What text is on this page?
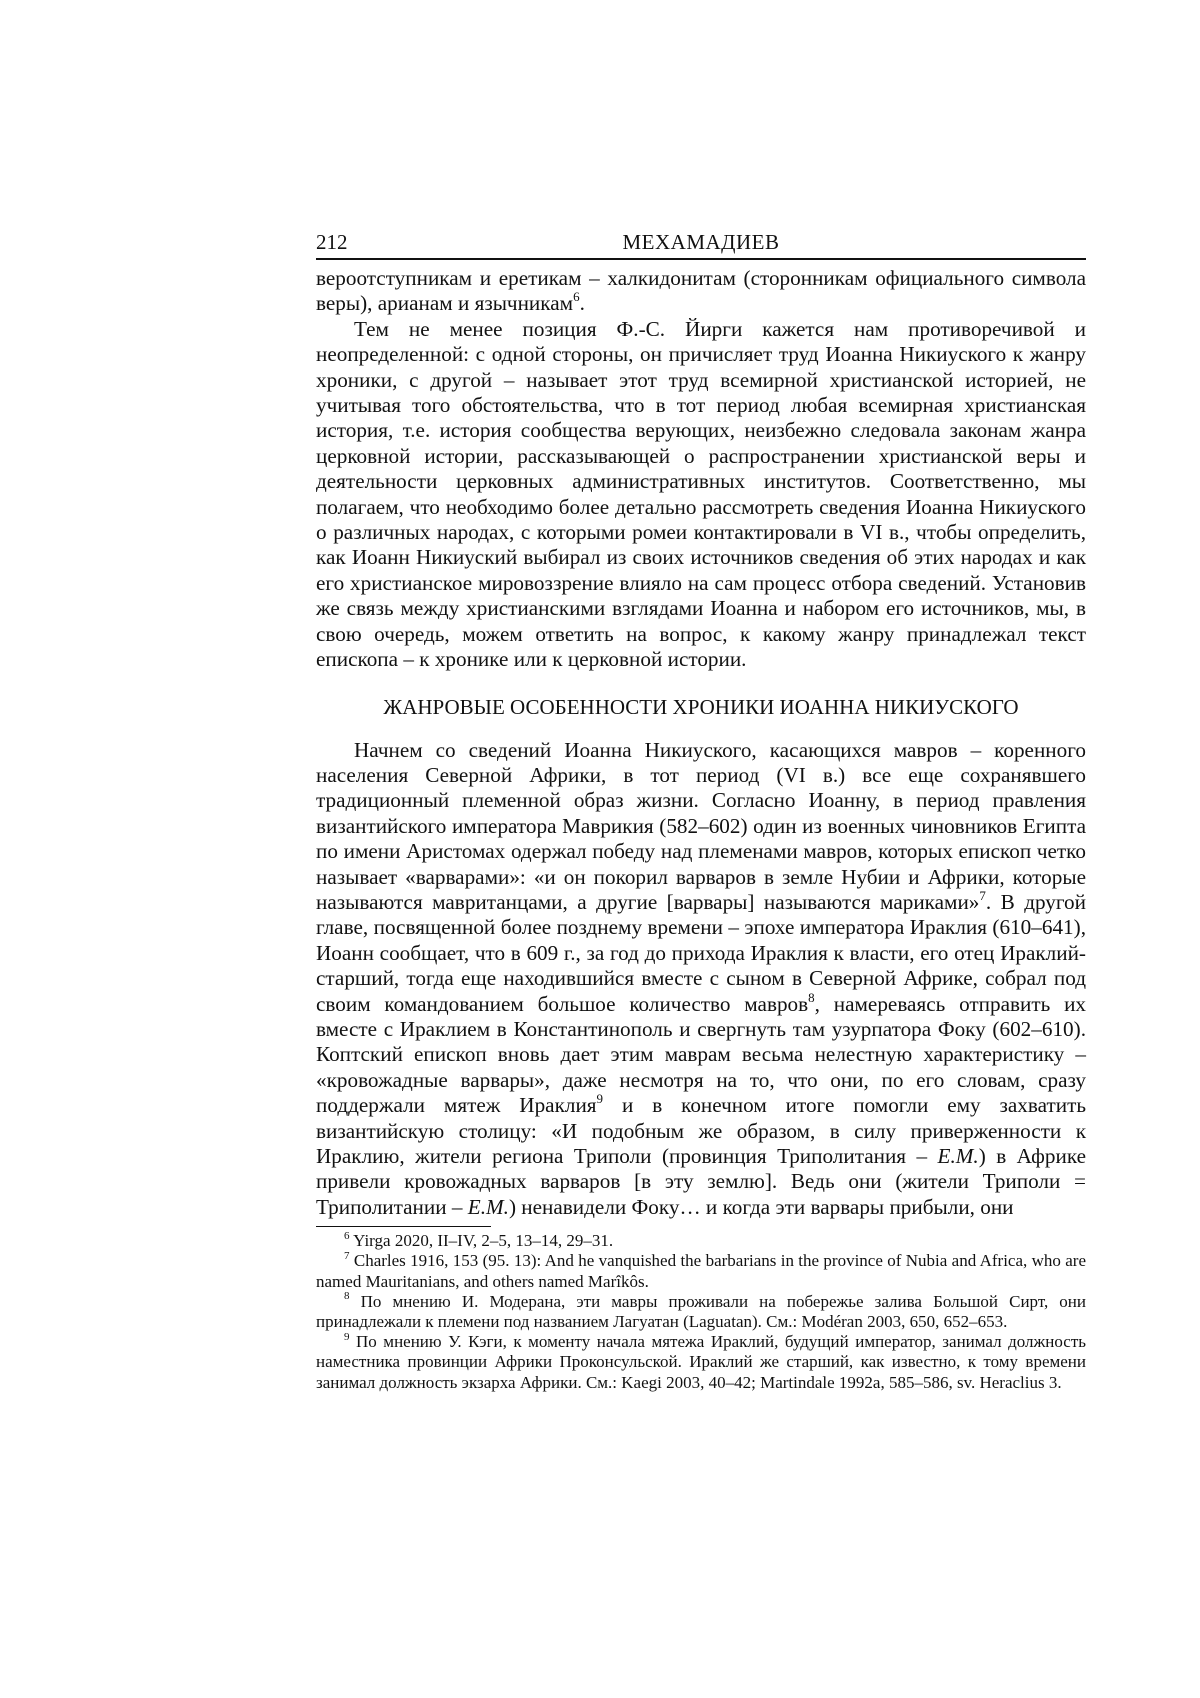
212	МЕХАМАДИЕВ

вероотступникам и еретикам – халкидонитам (сторонникам официального символа веры), арианам и язычникам6.

Тем не менее позиция Ф.-С. Йирги кажется нам противоречивой и неопределенной: с одной стороны, он причисляет труд Иоанна Никиуского к жанру хроники, с другой – называет этот труд всемирной христианской историей, не учитывая того обстоятельства, что в тот период любая всемирная христианская история, т.е. история сообщества верующих, неизбежно следовала законам жанра церковной истории, рассказывающей о распространении христианской веры и деятельности церковных административных институтов. Соответственно, мы полагаем, что необходимо более детально рассмотреть сведения Иоанна Никиуского о различных народах, с которыми ромеи контактировали в VI в., чтобы определить, как Иоанн Никиуский выбирал из своих источников сведения об этих народах и как его христианское мировоззрение влияло на сам процесс отбора сведений. Установив же связь между христианскими взглядами Иоанна и набором его источников, мы, в свою очередь, можем ответить на вопрос, к какому жанру принадлежал текст епископа – к хронике или к церковной истории.

ЖАНРОВЫЕ ОСОБЕННОСТИ ХРОНИКИ ИОАННА НИКИУСКОГО

Начнем со сведений Иоанна Никиуского, касающихся мавров – коренного населения Северной Африки, в тот период (VI в.) все еще сохранявшего традиционный племенной образ жизни. Согласно Иоанну, в период правления византийского императора Маврикия (582–602) один из военных чиновников Египта по имени Аристомах одержал победу над племенами мавров, которых епископ четко называет «варварами»: «и он покорил варваров в земле Нубии и Африки, которые называются мавританцами, а другие [варвары] называются мариками»7. В другой главе, посвященной более позднему времени – эпохе императора Ираклия (610–641), Иоанн сообщает, что в 609 г., за год до прихода Ираклия к власти, его отец Ираклий-старший, тогда еще находившийся вместе с сыном в Северной Африке, собрал под своим командованием большое количество мавров8, намереваясь отправить их вместе с Ираклием в Константинополь и свергнуть там узурпатора Фоку (602–610). Коптский епископ вновь дает этим маврам весьма нелестную характеристику – «кровожадные варвары», даже несмотря на то, что они, по его словам, сразу поддержали мятеж Ираклия9 и в конечном итоге помогли ему захватить византийскую столицу: «И подобным же образом, в силу приверженности к Ираклию, жители региона Триполи (провинция Триполитания – Е.М.) в Африке привели кровожадных варваров [в эту землю]. Ведь они (жители Триполи = Триполитании – Е.М.) ненавидели Фоку… и когда эти варвары прибыли, они

6 Yirga 2020, II–IV, 2–5, 13–14, 29–31.

7 Charles 1916, 153 (95. 13): And he vanquished the barbarians in the province of Nubia and Africa, who are named Mauritanians, and others named Marîkôs.

8 По мнению И. Модерана, эти мавры проживали на побережье залива Большой Сирт, они принадлежали к племени под названием Лагуатан (Laguatan). См.: Modéran 2003, 650, 652–653.

9 По мнению У. Кэги, к моменту начала мятежа Ираклий, будущий император, занимал должность наместника провинции Африки Проконсульской. Ираклий же старший, как известно, к тому времени занимал должность экзарха Африки. См.: Kaegi 2003, 40–42; Martindale 1992a, 585–586, sv. Heraclius 3.
